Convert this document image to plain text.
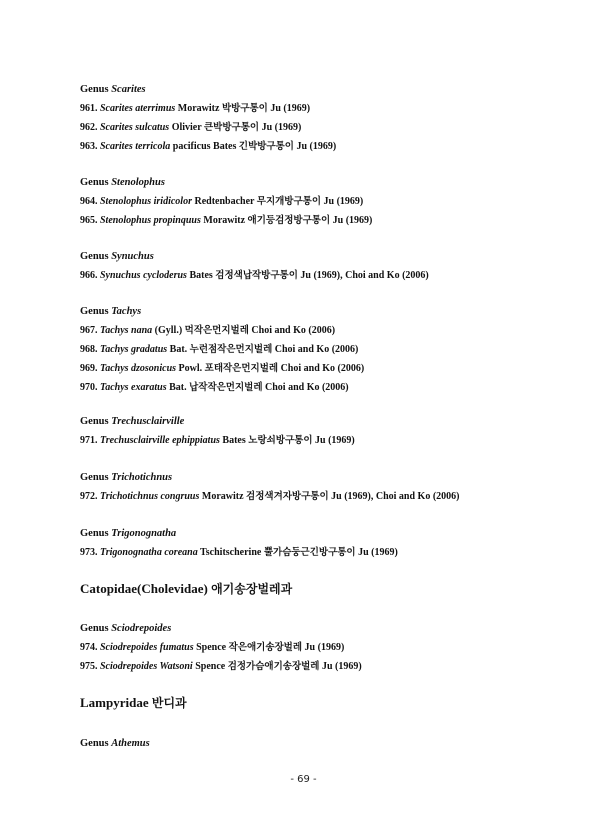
Genus Scarites
961. Scarites aterrimus Morawitz 박방구통이 Ju (1969)
962. Scarites sulcatus Olivier 큰박방구통이 Ju (1969)
963. Scarites terricola pacificus Bates 긴박방구통이 Ju (1969)
Genus Stenolophus
964. Stenolophus iridicolor Redtenbacher 무지개방구통이 Ju (1969)
965. Stenolophus propinquus Morawitz 애기등검정방구통이 Ju (1969)
Genus Synuchus
966. Synuchus cycloderus Bates 검정색납작방구통이 Ju (1969), Choi and Ko (2006)
Genus Tachys
967. Tachys nana (Gyll.) 먹작은먼지벌레 Choi and Ko (2006)
968. Tachys gradatus Bat. 누런점작은먼지벌레 Choi and Ko (2006)
969. Tachys dzosonicus Powl. 포태작은먼지벌레 Choi and Ko (2006)
970. Tachys exaratus Bat. 납작작은먼지벌레 Choi and Ko (2006)
Genus Trechusclairville
971. Trechusclairville ephippiatus Bates 노랑쇠방구통이 Ju (1969)
Genus Trichotichnus
972. Trichotichnus congruus Morawitz 검정색겨자방구통이 Ju (1969), Choi and Ko (2006)
Genus Trigonognatha
973. Trigonognatha coreana Tschitscherine 뿔가슴둥근긴방구통이 Ju (1969)
Catopidae(Cholevidae) 애기송장벌레과
Genus Sciodrepoides
974. Sciodrepoides fumatus Spence 작은애기송장벌레 Ju (1969)
975. Sciodrepoides Watsoni Spence 검정가슴애기송장벌레 Ju (1969)
Lampyridae 반디과
Genus Athemus
- 69 -
